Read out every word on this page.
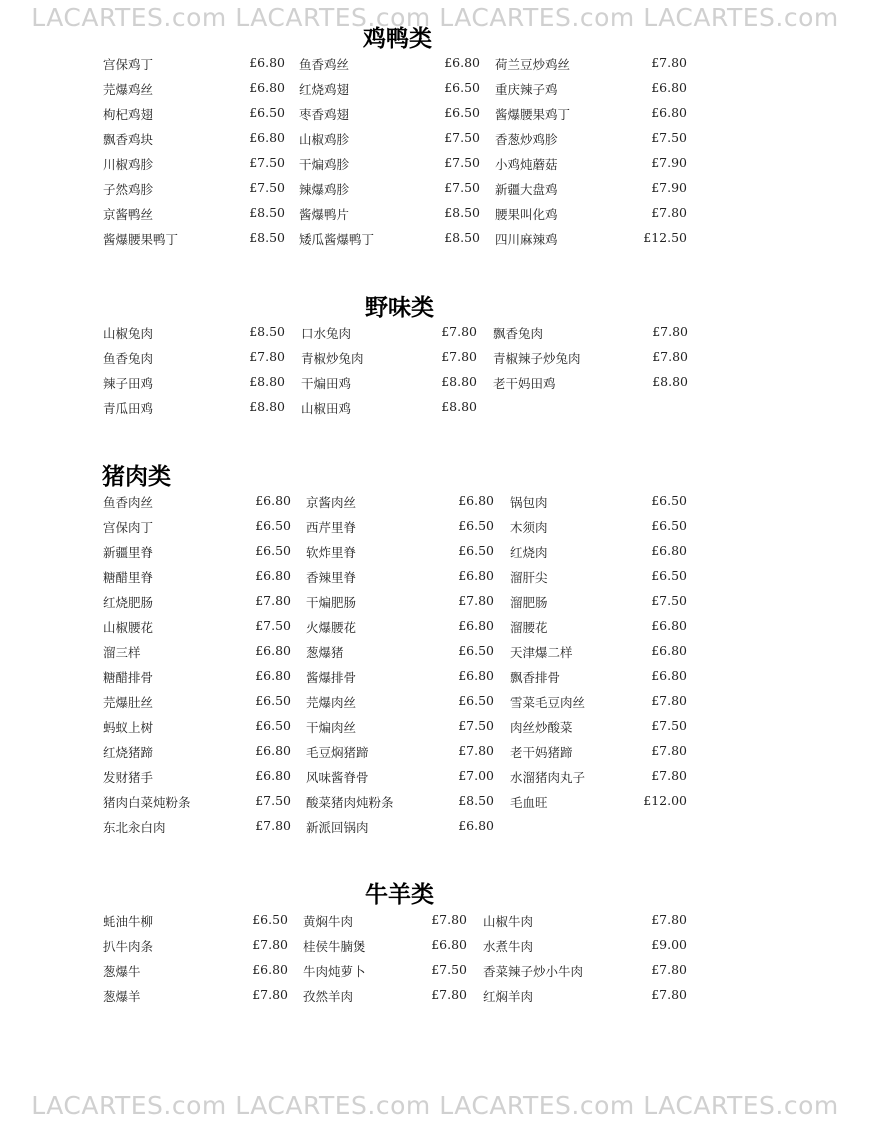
LACARTES.com LACARTES.com LACARTES.com LACARTES.com
鸡鸭类
宫保鸡丁	£6.80 鱼香鸡丝	£6.80 荷兰豆炒鸡丝	£7.80
芫爆鸡丝	£6.80 红烧鸡翅	£6.50 重庆辣子鸡	£6.80
枸杞鸡翅	£6.50 枣香鸡翅	£6.50 酱爆腰果鸡丁	£6.80
飘香鸡块	£6.80 山椒鸡胗	£7.50 香葱炒鸡胗	£7.50
川椒鸡胗	£7.50 干煸鸡胗	£7.50 小鸡炖蘑菇	£7.90
子然鸡胗	£7.50 辣爆鸡胗	£7.50 新疆大盘鸡	£7.90
京酱鸭丝	£8.50 酱爆鸭片	£8.50 腰果叫化鸡	£7.80
酱爆腰果鸭丁	£8.50 矮瓜酱爆鸭丁	£8.50 四川麻辣鸡	£12.50
野味类
山椒兔肉	£8.50 口水兔肉	£7.80 飘香兔肉	£7.80
鱼香兔肉	£7.80 青椒炒兔肉	£7.80 青椒辣子炒兔肉	£7.80
辣子田鸡	£8.80 干煸田鸡	£8.80 老干妈田鸡	£8.80
青瓜田鸡	£8.80 山椒田鸡	£8.80
猪肉类
鱼香肉丝	£6.80 京酱肉丝	£6.80 锅包肉	£6.50
宫保肉丁	£6.50 西芹里脊	£6.50 木须肉	£6.50
新疆里脊	£6.50 软炸里脊	£6.50 红烧肉	£6.80
糖醋里脊	£6.80 香辣里脊	£6.80 溜肝尖	£6.50
红烧肥肠	£7.80 干煸肥肠	£7.80 溜肥肠	£7.50
山椒腰花	£7.50 火爆腰花	£6.80 溜腰花	£6.80
溜三样	£6.80 葱爆猪	£6.50 天津爆二样	£6.80
糖醋排骨	£6.80 酱爆排骨	£6.80 飘香排骨	£6.80
芫爆肚丝	£6.50 芫爆肉丝	£6.50 雪菜毛豆肉丝	£7.80
蚂蚁上树	£6.50 干煸肉丝	£7.50 肉丝炒酸菜	£7.50
红烧猪蹄	£6.80 毛豆焖猪蹄	£7.80 老干妈猪蹄	£7.80
发财猪手	£6.80 风味酱脊骨	£7.00 水溜猪肉丸子	£7.80
猪肉白菜炖粉条	£7.50 酸菜猪肉炖粉条	£8.50 毛血旺	£12.00
东北汆白肉	£7.80 新派回锅肉	£6.80
牛羊类
蚝油牛柳	£6.50 黄焖牛肉	£7.80 山椒牛肉	£7.80
扒牛肉条	£7.80 桂侯牛腩煲	£6.80 水煮牛肉	£9.00
葱爆牛	£6.80 牛肉炖萝卜	£7.50 香菜辣子炒小牛肉	£7.80
葱爆羊	£7.80 孜然羊肉	£7.80 红焖羊肉	£7.80
LACARTES.com LACARTES.com LACARTES.com LACARTES.com
